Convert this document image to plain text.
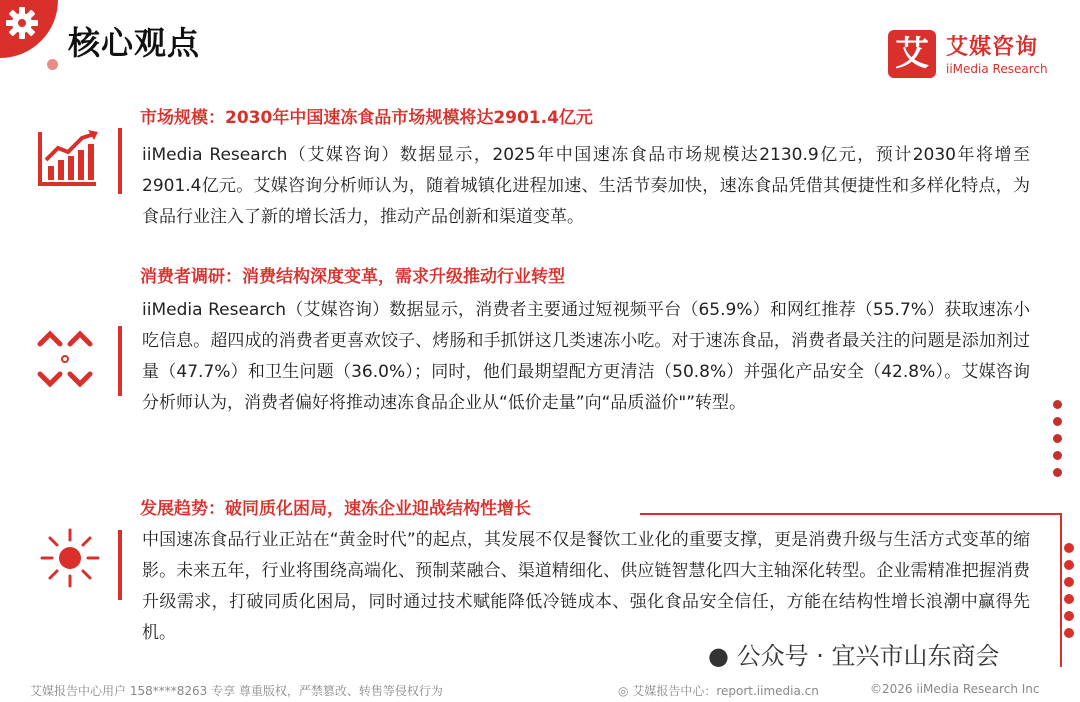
核心观点	艾 艾媒咨询
iiMedia Research
市场规模：2030年中国速冻食品市场规模将达2901.4亿元
iiMedia Research（艾媒咨询）数据显示，2025年中国速冻食品市场规模达2130.9亿元，预计2030年将增至2901.4亿元。艾媒咨询分析师认为，随着城镇化进程加速、生活节奏加快，速冻食品凭借其便捷性和多样化特点，为食品行业注入了新的增长活力，推动产品创新和渠道变革。
消费者调研：消费结构深度变革，需求升级推动行业转型
iiMedia Research（艾媒咨询）数据显示，消费者主要通过短视频平台（65.9%）和网红推荐（55.7%）获取速冻小吃信息。超四成的消费者更喜欢饺子、烤肠和手抓饼这几类速冻小吃。对于速冻食品，消费者最关注的问题是添加剂过量（47.7%）和卫生问题（36.0%）；同时，他们最期望配方更清洁（50.8%）并强化产品安全（42.8%）。艾媒咨询分析师认为，消费者偏好将推动速冻食品企业从“低价走量”向“品质溢价"”转型。
发展趋势：破同质化困局，速冻企业迎战结构性增长
中国速冻食品行业正站在“黄金时代”的起点，其发展不仅是餐饮工业化的重要支撑，更是消费升级与生活方式变革的缩影。未来五年，行业将围绕高端化、预制菜融合、渠道精细化、供应链智慧化四大主轴深化转型。企业需精准把握消费升级需求，打破同质化困局，同时通过技术赋能降低冷链成本、强化食品安全信任，方能在结构性增长浪潮中赢得先机。
● 公众号 · 宜兴市山东商会
艾媒报告中心用户 158****8263 专享 尊重版权，严禁篡改、转售等侵权行为	◎ 艾媒报告中心：report.iimedia.cn	©2026 iiMedia Research Inc
